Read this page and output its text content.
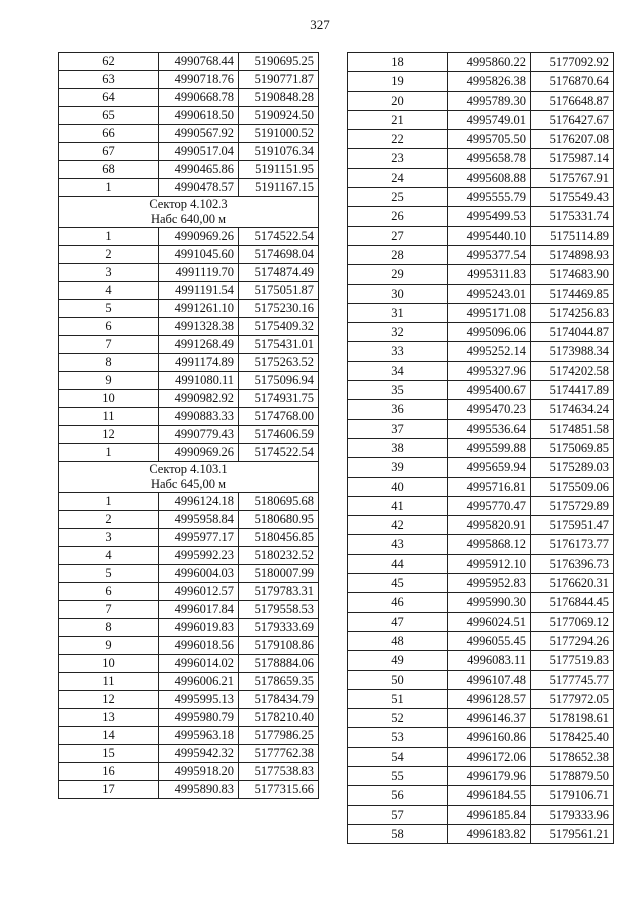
327
62	4990768.44	5190695.25
63	4990718.76	5190771.87
64	4990668.78	5190848.28
65	4990618.50	5190924.50
66	4990567.92	5191000.52
67	4990517.04	5191076.34
68	4990465.86	5191151.95
1	4990478.57	5191167.15

Сектор 4.102.3
Набс 640,00 м		

1	4990969.26	5174522.54
2	4991045.60	5174698.04
3	4991119.70	5174874.49
4	4991191.54	5175051.87
5	4991261.10	5175230.16
6	4991328.38	5175409.32
7	4991268.49	5175431.01
8	4991174.89	5175263.52
9	4991080.11	5175096.94
10	4990982.92	5174931.75
11	4990883.33	5174768.00
12	4990779.43	5174606.59
1	4990969.26	5174522.54

Сектор 4.103.1
Набс 645,00 м		

1	4996124.18	5180695.68
2	4995958.84	5180680.95
3	4995977.17	5180456.85
4	4995992.23	5180232.52
5	4996004.03	5180007.99
6	4996012.57	5179783.31
7	4996017.84	5179558.53
8	4996019.83	5179333.69
9	4996018.56	5179108.86
10	4996014.02	5178884.06
11	4996006.21	5178659.35
12	4995995.13	5178434.79
13	4995980.79	5178210.40
14	4995963.18	5177986.25
15	4995942.32	5177762.38
16	4995918.20	5177538.83
17	4995890.83	5177315.66
18	4995860.22	5177092.92
19	4995826.38	5176870.64
20	4995789.30	5176648.87
21	4995749.01	5176427.67
22	4995705.50	5176207.08
23	4995658.78	5175987.14
24	4995608.88	5175767.91
25	4995555.79	5175549.43
26	4995499.53	5175331.74
27	4995440.10	5175114.89
28	4995377.54	5174898.93
29	4995311.83	5174683.90
30	4995243.01	5174469.85
31	4995171.08	5174256.83
32	4995096.06	5174044.87
33	4995252.14	5173988.34
34	4995327.96	5174202.58
35	4995400.67	5174417.89
36	4995470.23	5174634.24
37	4995536.64	5174851.58
38	4995599.88	5175069.85
39	4995659.94	5175289.03
40	4995716.81	5175509.06
41	4995770.47	5175729.89
42	4995820.91	5175951.47
43	4995868.12	5176173.77
44	4995912.10	5176396.73
45	4995952.83	5176620.31
46	4995990.30	5176844.45
47	4996024.51	5177069.12
48	4996055.45	5177294.26
49	4996083.11	5177519.83
50	4996107.48	5177745.77
51	4996128.57	5177972.05
52	4996146.37	5178198.61
53	4996160.86	5178425.40
54	4996172.06	5178652.38
55	4996179.96	5178879.50
56	4996184.55	5179106.71
57	4996185.84	5179333.96
58	4996183.82	5179561.21
